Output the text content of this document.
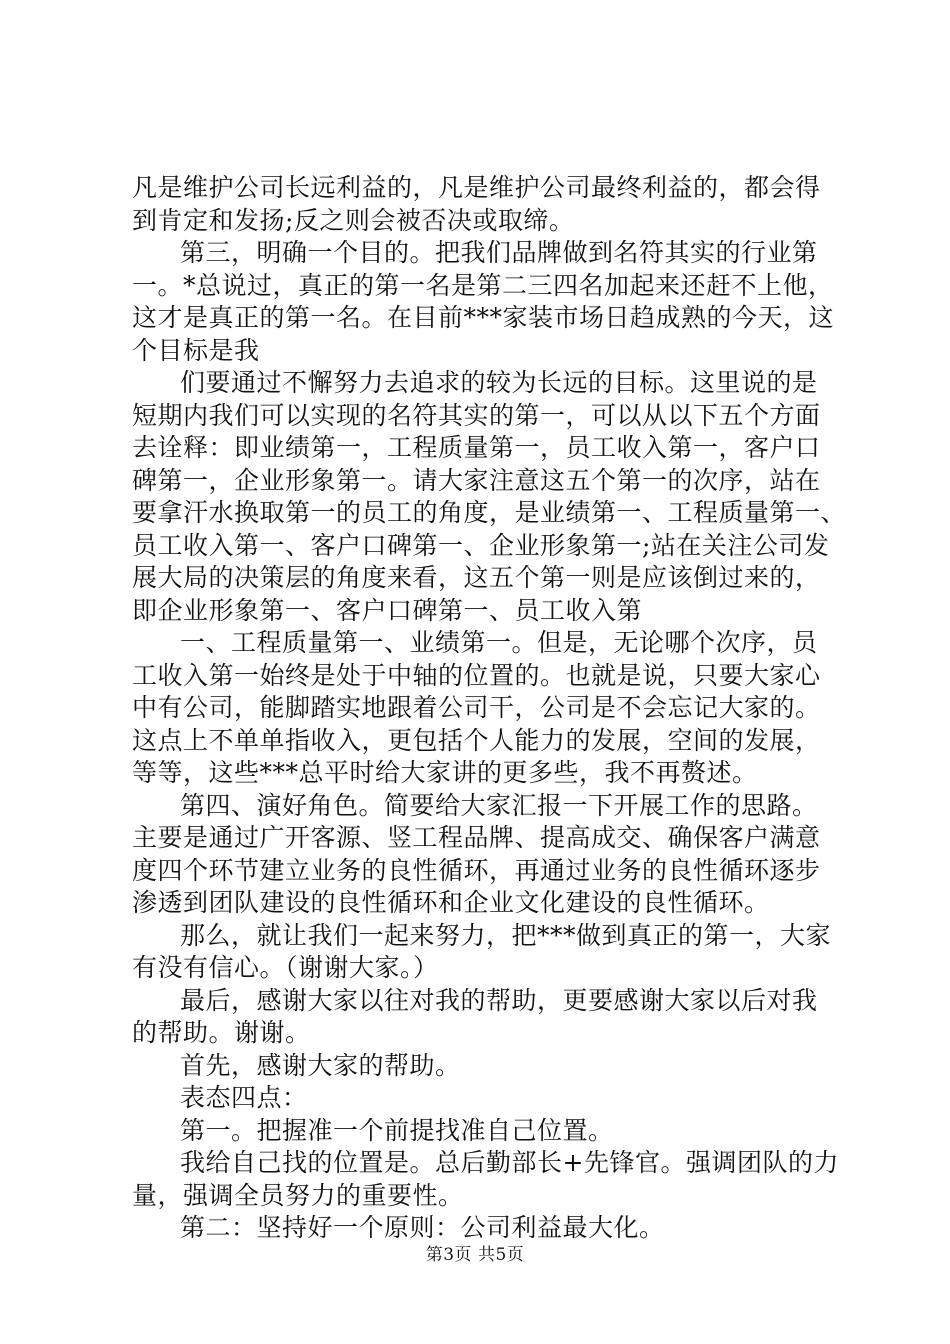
凡是维护公司长远利益的，凡是维护公司最终利益的，都会得
到肯定和发扬;反之则会被否决或取缔。
第三，明确一个目的。把我们品牌做到名符其实的行业第
一。*总说过，真正的第一名是第二三四名加起来还赶不上他，
这才是真正的第一名。在目前***家装市场日趋成熟的今天，这
个目标是我
们要通过不懈努力去追求的较为长远的目标。这里说的是
短期内我们可以实现的名符其实的第一，可以从以下五个方面
去诠释：即业绩第一，工程质量第一，员工收入第一，客户口
碑第一，企业形象第一。请大家注意这五个第一的次序，站在
要拿汗水换取第一的员工的角度，是业绩第一、工程质量第一、
员工收入第一、客户口碑第一、企业形象第一;站在关注公司发
展大局的决策层的角度来看，这五个第一则是应该倒过来的，
即企业形象第一、客户口碑第一、员工收入第
一、工程质量第一、业绩第一。但是，无论哪个次序，员
工收入第一始终是处于中轴的位置的。也就是说，只要大家心
中有公司，能脚踏实地跟着公司干，公司是不会忘记大家的。
这点上不单单指收入，更包括个人能力的发展，空间的发展，
等等，这些***总平时给大家讲的更多些，我不再赘述。
第四、演好角色。简要给大家汇报一下开展工作的思路。
主要是通过广开客源、竖工程品牌、提高成交、确保客户满意
度四个环节建立业务的良性循环，再通过业务的良性循环逐步
渗透到团队建设的良性循环和企业文化建设的良性循环。
那么，就让我们一起来努力，把***做到真正的第一，大家
有没有信心。（谢谢大家。）
最后，感谢大家以往对我的帮助，更要感谢大家以后对我
的帮助。谢谢。
首先，感谢大家的帮助。
表态四点：
第一。把握准一个前提找准自己位置。
我给自己找的位置是。总后勤部长+先锋官。强调团队的力
量，强调全员努力的重要性。
第二：坚持好一个原则：公司利益最大化。
第3页 共5页
